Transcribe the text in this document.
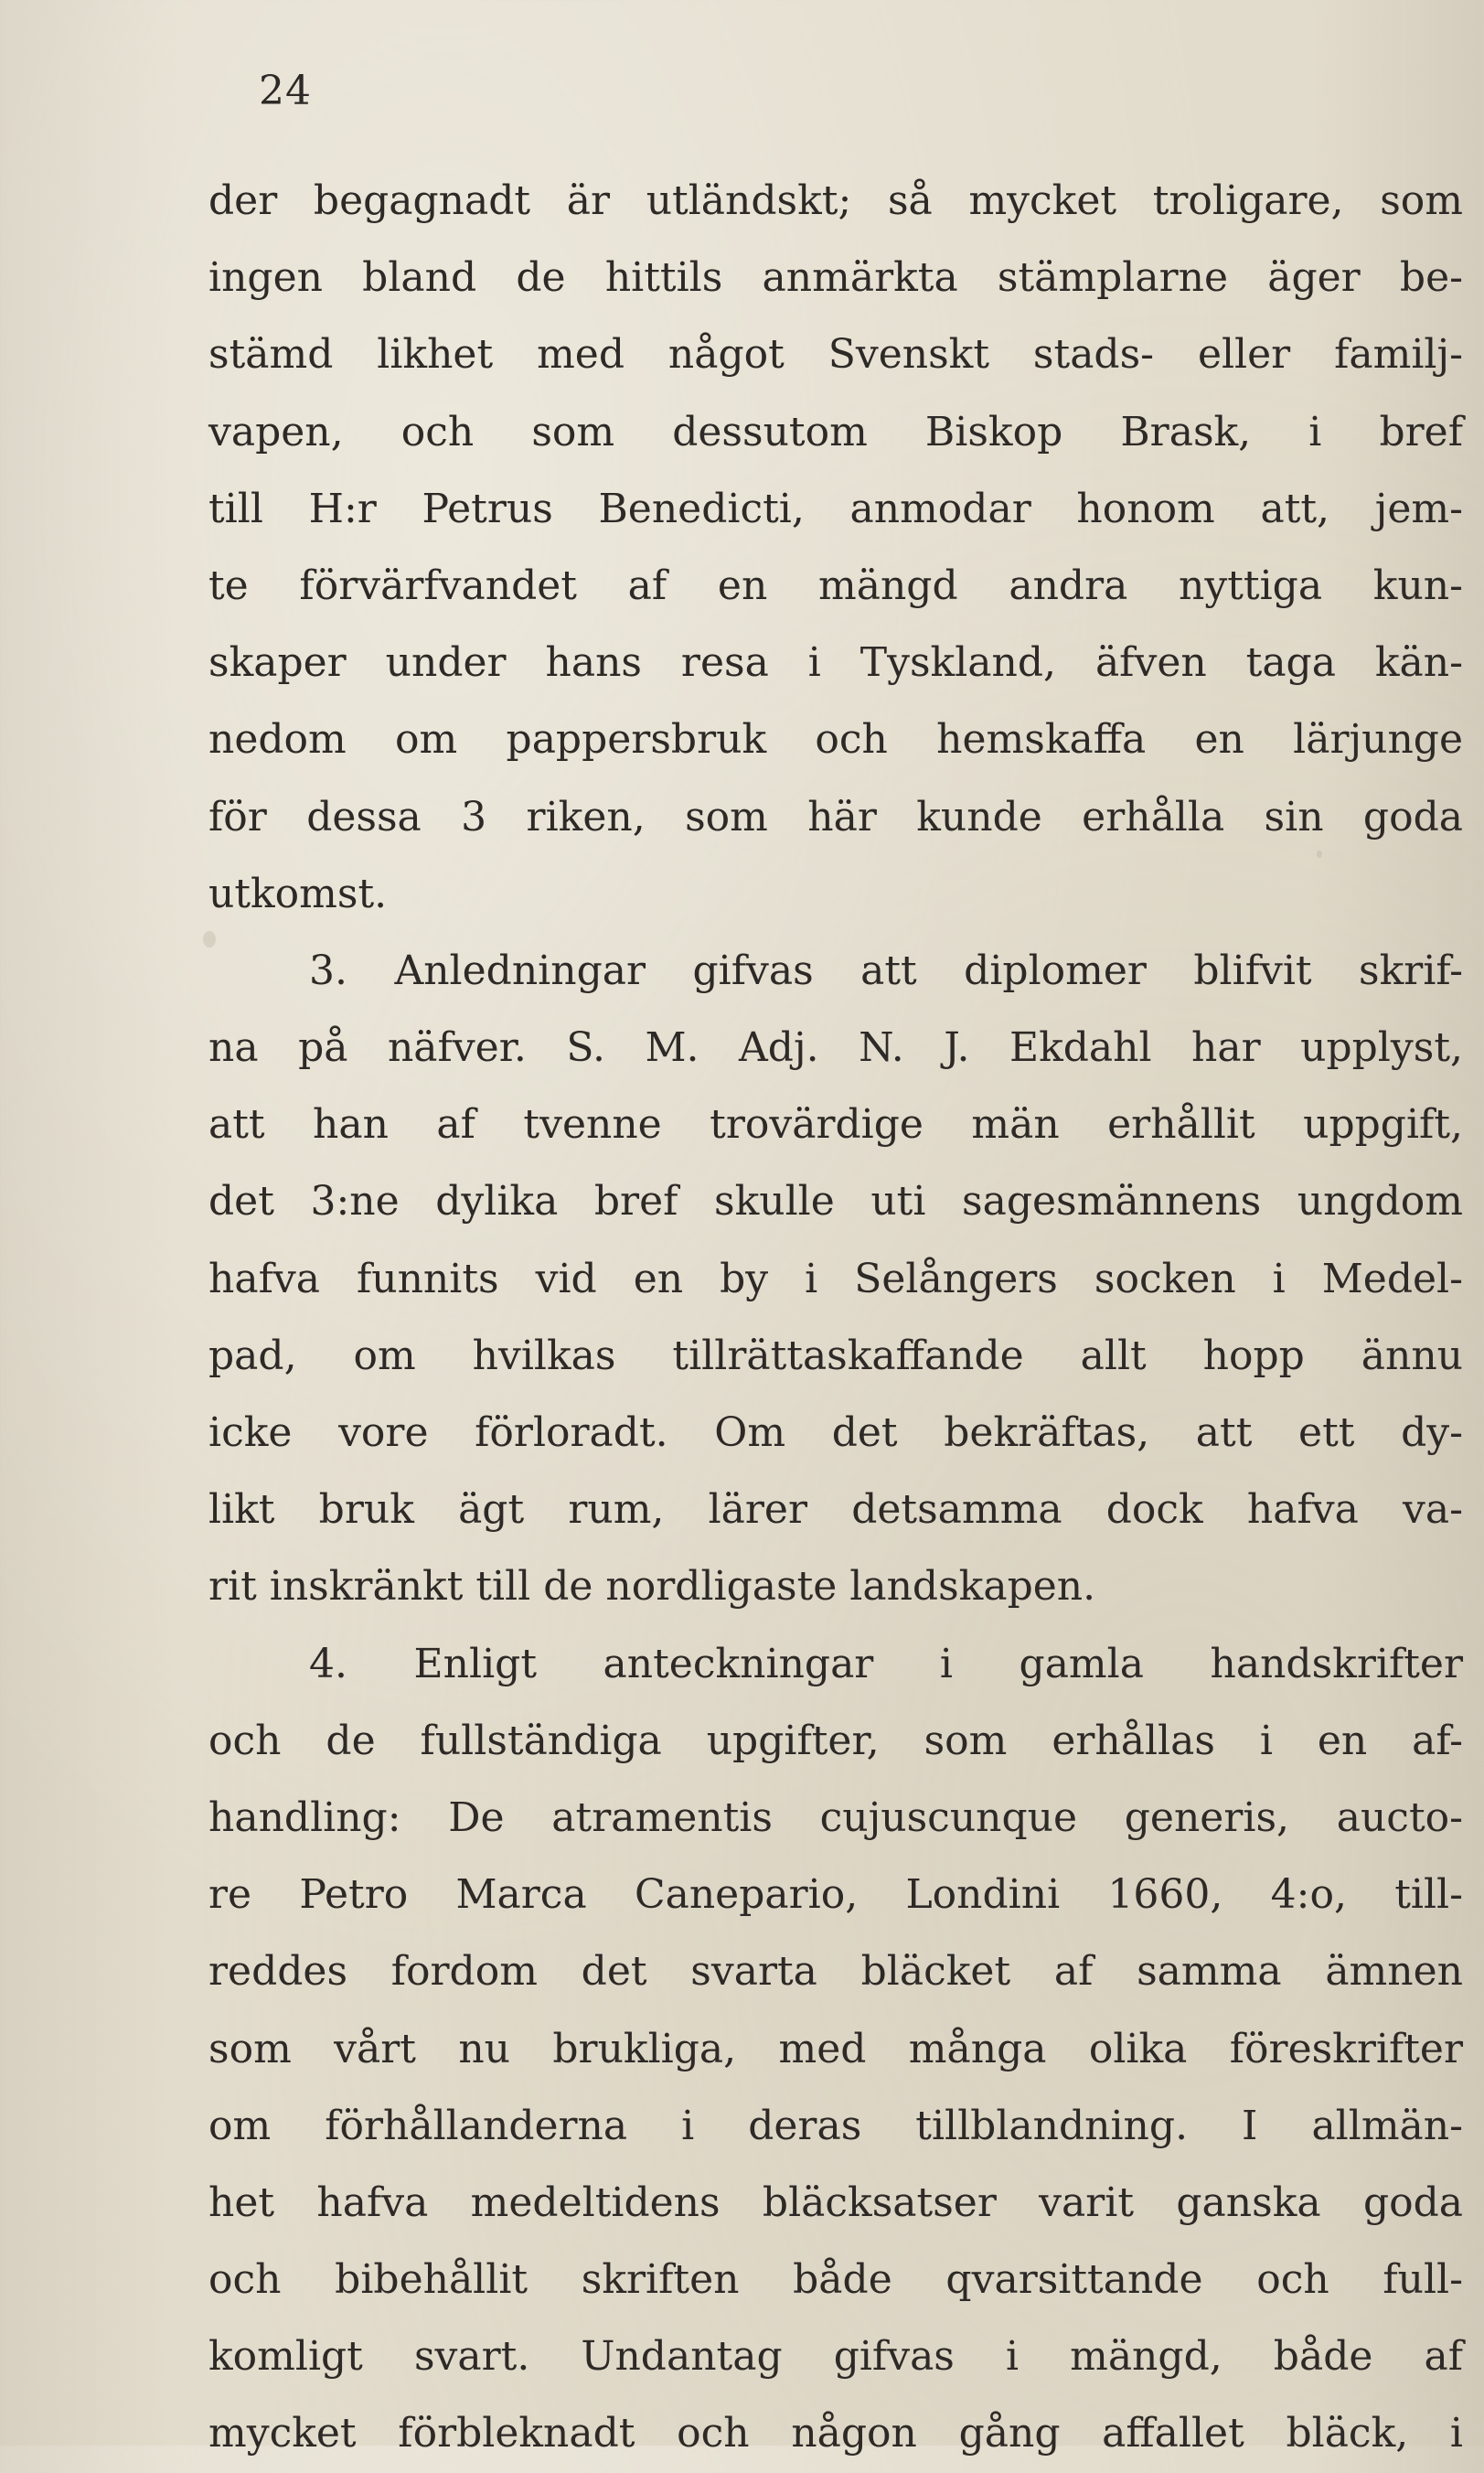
24
der begagnadt är utländskt; så mycket troligare, som
ingen bland de hittils anmärkta stämplarne äger be-
stämd likhet med något Svenskt stads- eller familj-
vapen, och som dessutom Biskop Brask, i bref
till H:r Petrus Benedicti, anmodar honom att, jem-
te förvärfvandet af en mängd andra nyttiga kun-
skaper under hans resa i Tyskland, äfven taga kän-
nedom om pappersbruk och hemskaffa en lärjunge
för dessa 3 riken, som här kunde erhålla sin goda
utkomst.
3. Anledningar gifvas att diplomer blifvit skrif-
na på näfver. S. M. Adj. N. J. Ekdahl har upplyst,
att han af tvenne trovärdige män erhållit uppgift,
det 3:ne dylika bref skulle uti sagesmännens ungdom
hafva funnits vid en by i Selångers socken i Medel-
pad, om hvilkas tillrättaskaffande allt hopp ännu
icke vore förloradt. Om det bekräftas, att ett dy-
likt bruk ägt rum, lärer detsamma dock hafva va-
rit inskränkt till de nordligaste landskapen.
4. Enligt anteckningar i gamla handskrifter
och de fullständiga upgifter, som erhållas i en af-
handling: De atramentis cujuscunque generis, aucto-
re Petro Marca Canepario, Londini 1660, 4:o, till-
reddes fordom det svarta bläcket af samma ämnen
som vårt nu brukliga, med många olika föreskrifter
om förhållanderna i deras tillblandning. I allmän-
het hafva medeltidens bläcksatser varit ganska goda
och bibehållit skriften både qvarsittande och full-
komligt svart. Undantag gifvas i mängd, både af
mycket förbleknadt och någon gång affallet bläck, i
